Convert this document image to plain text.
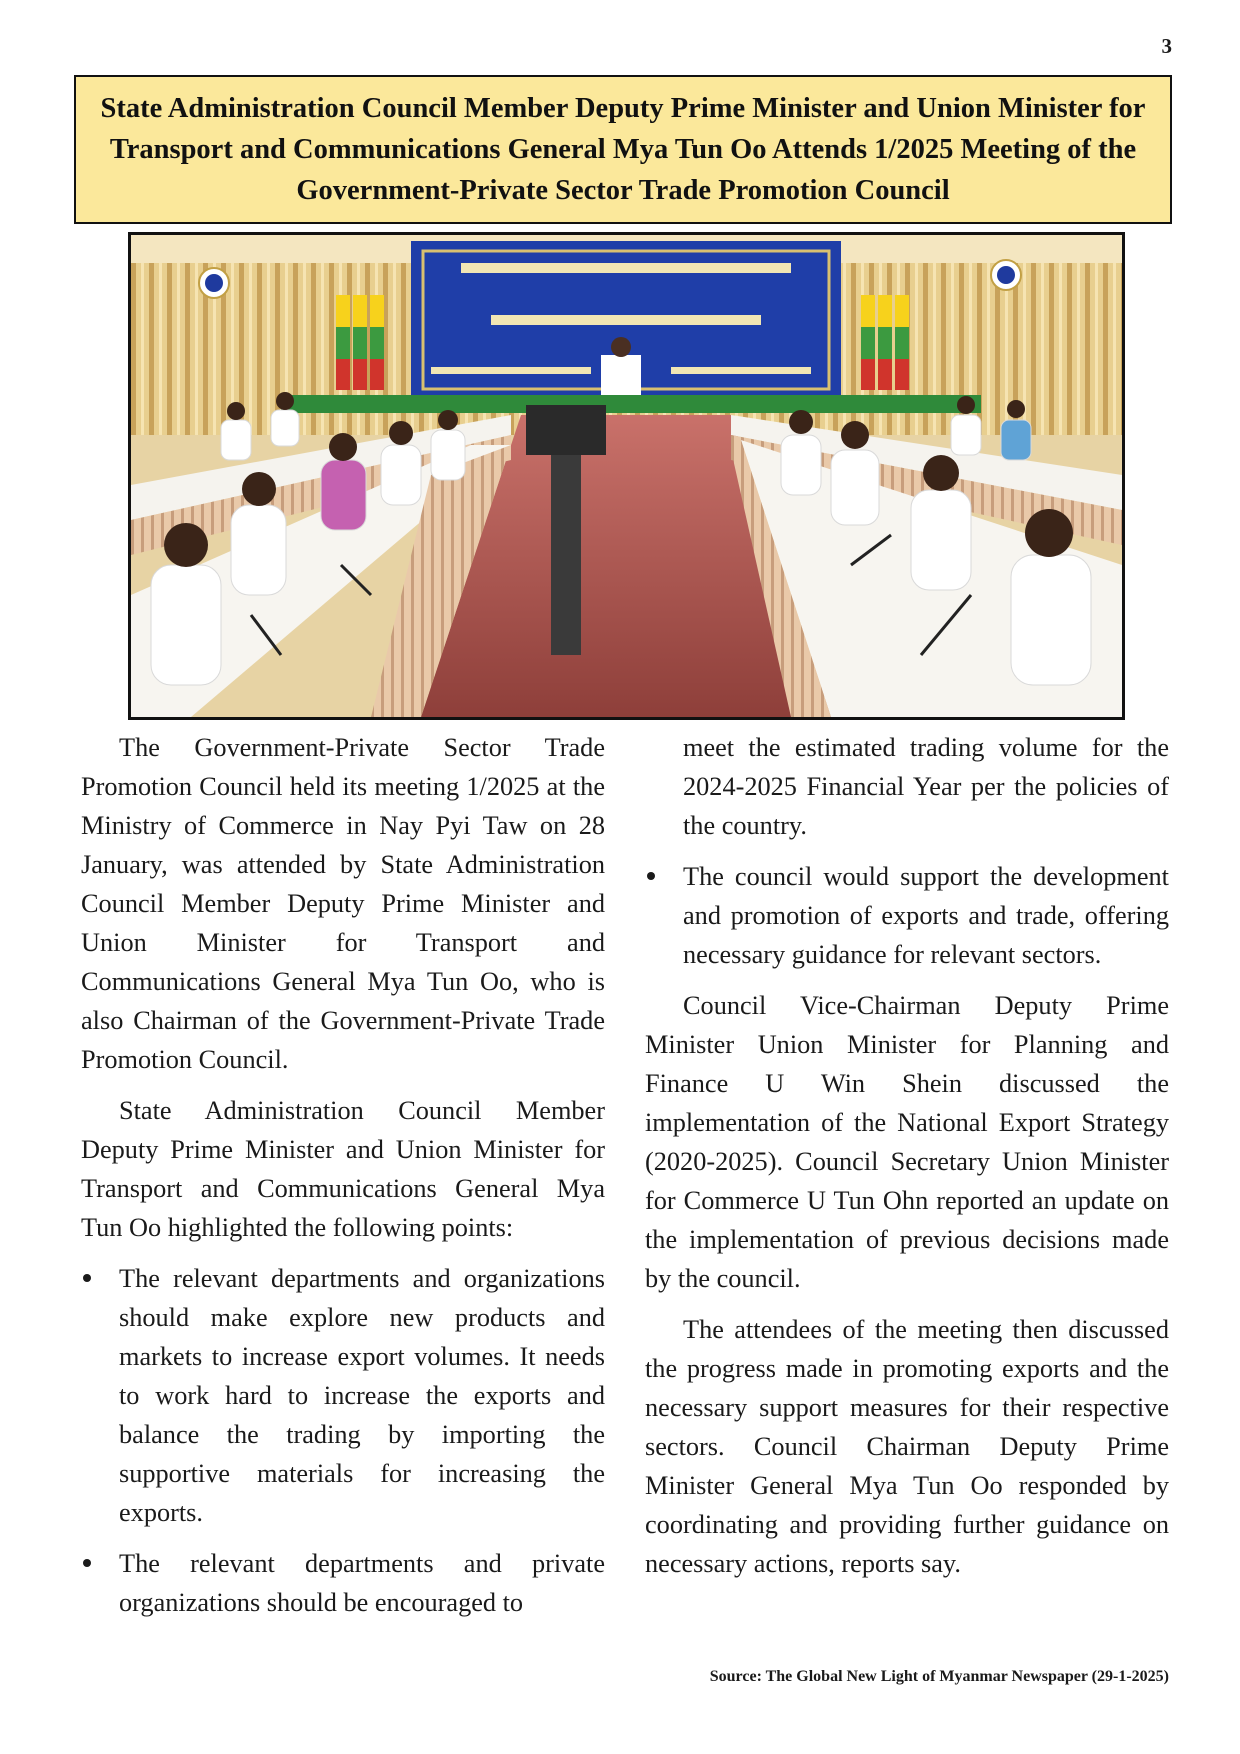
3
State Administration Council Member Deputy Prime Minister and Union Minister for Transport and Communications General Mya Tun Oo Attends 1/2025 Meeting of the Government-Private Sector Trade Promotion Council

The Government-Private Sector Trade Promotion Council held its meeting 1/2025 at the Ministry of Commerce in Nay Pyi Taw on 28 January, was attended by State Administration Council Member Deputy Prime Minister and Union Minister for Transport and Communications General Mya Tun Oo, who is also Chairman of the Government-Private Trade Promotion Council.

State Administration Council Member Deputy Prime Minister and Union Minister for Transport and Communications General Mya Tun Oo highlighted the following points:

The relevant departments and organizations should make explore new products and markets to increase export volumes. It needs to work hard to increase the exports and balance the trading by importing the supportive materials for increasing the exports.
The relevant departments and private organizations should be encouraged to

meet the estimated trading volume for the 2024-2025 Financial Year per the policies of the country.

The council would support the development and promotion of exports and trade, offering necessary guidance for relevant sectors.

Council Vice-Chairman Deputy Prime Minister Union Minister for Planning and Finance U Win Shein discussed the implementation of the National Export Strategy (2020-2025). Council Secretary Union Minister for Commerce U Tun Ohn reported an update on the implementation of previous decisions made by the council.

The attendees of the meeting then discussed the progress made in promoting exports and the necessary support measures for their respective sectors. Council Chairman Deputy Prime Minister General Mya Tun Oo responded by coordinating and providing further guidance on necessary actions, reports say.

Source: The Global New Light of Myanmar Newspaper (29-1-2025)
